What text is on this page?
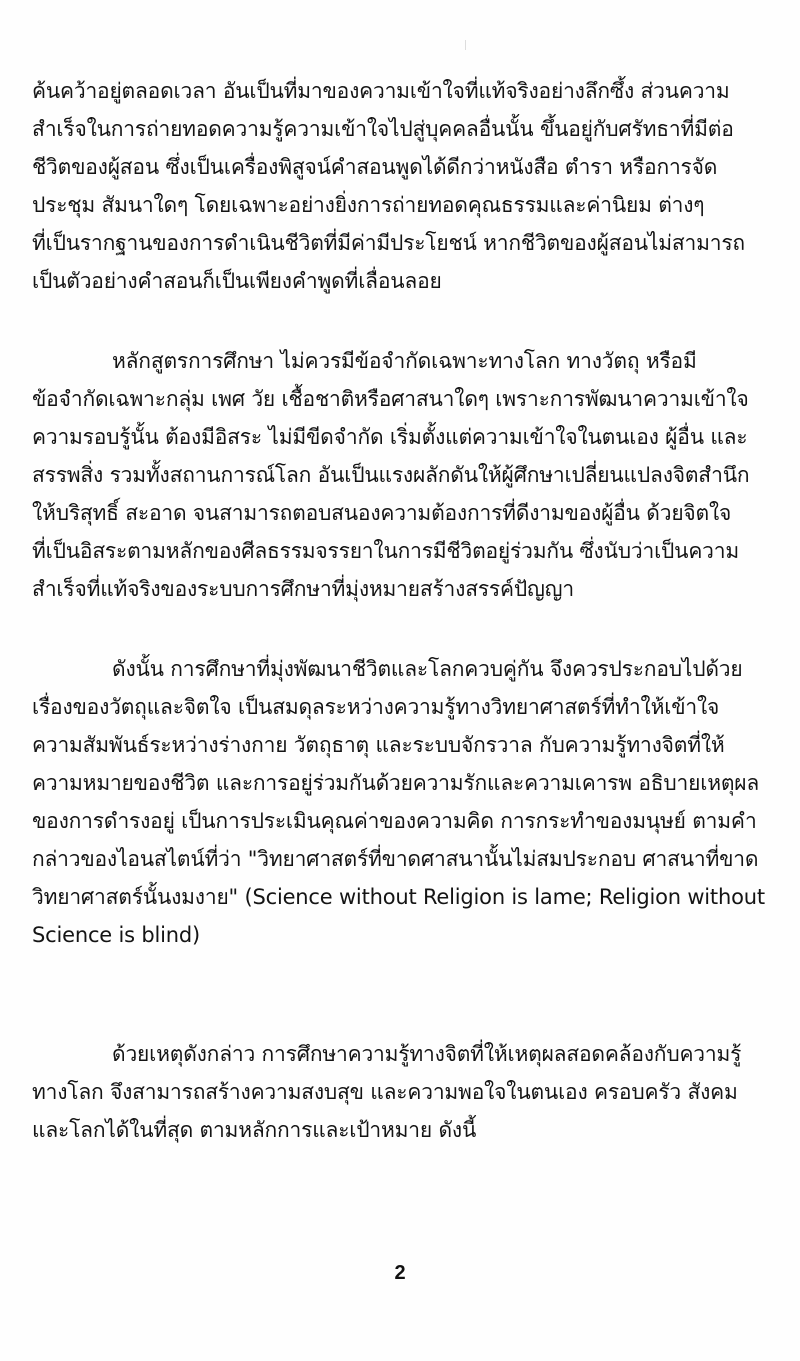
ค้นคว้าอยู่ตลอดเวลา อันเป็นที่มาของความเข้าใจที่แท้จริงอย่างลึกซึ้ง ส่วนความ
สำเร็จในการถ่ายทอดความรู้ความเข้าใจไปสู่บุคคลอื่นนั้น ขึ้นอยู่กับศรัทธาที่มีต่อ
ชีวิตของผู้สอน ซึ่งเป็นเครื่องพิสูจน์คำสอนพูดได้ดีกว่าหนังสือ ตำรา หรือการจัด
ประชุม สัมนาใดๆ โดยเฉพาะอย่างยิ่งการถ่ายทอดคุณธรรมและค่านิยม ต่างๆ
ที่เป็นรากฐานของการดำเนินชีวิตที่มีค่ามีประโยชน์ หากชีวิตของผู้สอนไม่สามารถ
เป็นตัวอย่างคำสอนก็เป็นเพียงคำพูดที่เลื่อนลอย
หลักสูตรการศึกษา ไม่ควรมีข้อจำกัดเฉพาะทางโลก ทางวัตถุ หรือมี
ข้อจำกัดเฉพาะกลุ่ม เพศ วัย เชื้อชาติหรือศาสนาใดๆ เพราะการพัฒนาความเข้าใจ
ความรอบรู้นั้น ต้องมีอิสระ ไม่มีขีดจำกัด เริ่มตั้งแต่ความเข้าใจในตนเอง ผู้อื่น และ
สรรพสิ่ง รวมทั้งสถานการณ์โลก อันเป็นแรงผลักดันให้ผู้ศึกษาเปลี่ยนแปลงจิตสำนึก
ให้บริสุทธิ์ สะอาด จนสามารถตอบสนองความต้องการที่ดีงามของผู้อื่น ด้วยจิตใจ
ที่เป็นอิสระตามหลักของศีลธรรมจรรยาในการมีชีวิตอยู่ร่วมกัน ซึ่งนับว่าเป็นความ
สำเร็จที่แท้จริงของระบบการศึกษาที่มุ่งหมายสร้างสรรค์ปัญญา
ดังนั้น การศึกษาที่มุ่งพัฒนาชีวิตและโลกควบคู่กัน จึงควรประกอบไปด้วย
เรื่องของวัตถุและจิตใจ เป็นสมดุลระหว่างความรู้ทางวิทยาศาสตร์ที่ทำให้เข้าใจ
ความสัมพันธ์ระหว่างร่างกาย วัตถุธาตุ และระบบจักรวาล กับความรู้ทางจิตที่ให้
ความหมายของชีวิต และการอยู่ร่วมกันด้วยความรักและความเคารพ อธิบายเหตุผล
ของการดำรงอยู่ เป็นการประเมินคุณค่าของความคิด การกระทำของมนุษย์ ตามคำ
กล่าวของไอนสไตน์ที่ว่า "วิทยาศาสตร์ที่ขาดศาสนานั้นไม่สมประกอบ ศาสนาที่ขาด
วิทยาศาสตร์นั้นงมงาย" (Science without Religion is lame; Religion without
Science is blind)
ด้วยเหตุดังกล่าว การศึกษาความรู้ทางจิตที่ให้เหตุผลสอดคล้องกับความรู้
ทางโลก จึงสามารถสร้างความสงบสุข และความพอใจในตนเอง ครอบครัว สังคม
และโลกได้ในที่สุด ตามหลักการและเป้าหมาย ดังนี้
2
